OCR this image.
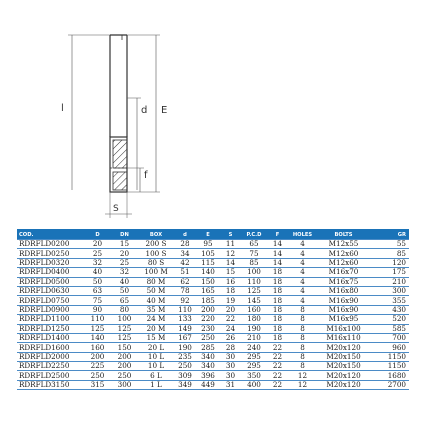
l	d E
f
S
COD.	D	DN	BOX	d	E	S	P.C.D	F	HOLES	BOLTS	GR
RDRFLD0200	20	15	200 S	28	95	11	65	14	4	M12x55	55
RDRFLD0250	25	20	100 S	34	105	12	75	14	4	M12x60	85
RDRFLD0320	32	25	80 S	42	115	14	85	14	4	M12x60	120
RDRFLD0400	40	32	100 M	51	140	15	100	18	4	M16x70	175
RDRFLD0500	50	40	80 M	62	150	16	110	18	4	M16x75	210
RDRFLD0630	63	50	50 M	78	165	18	125	18	4	M16x80	300
RDRFLD0750	75	65	40 M	92	185	19	145	18	4	M16x90	355
RDRFLD0900	90	80	35 M	110	200	20	160	18	8	M16x90	430
RDRFLD1100	110	100	24 M	133	220	22	180	18	8	M16x95	520
RDRFLD1250	125	125	20 M	149	230	24	190	18	8	M16x100	585
RDRFLD1400	140	125	15 M	167	250	26	210	18	8	M16x110	700
RDRFLD1600	160	150	20 L	190	285	28	240	22	8	M20x120	960
RDRFLD2000	200	200	10 L	235	340	30	295	22	8	M20x150	1150
RDRFLD2250	225	200	10 L	250	340	30	295	22	8	M20x150	1150
RDRFLD2500	250	250	6 L	309	396	30	350	22	12	M20x120	1680
RDRFLD3150	315	300	1 L	349	449	31	400	22	12	M20x120	2700
